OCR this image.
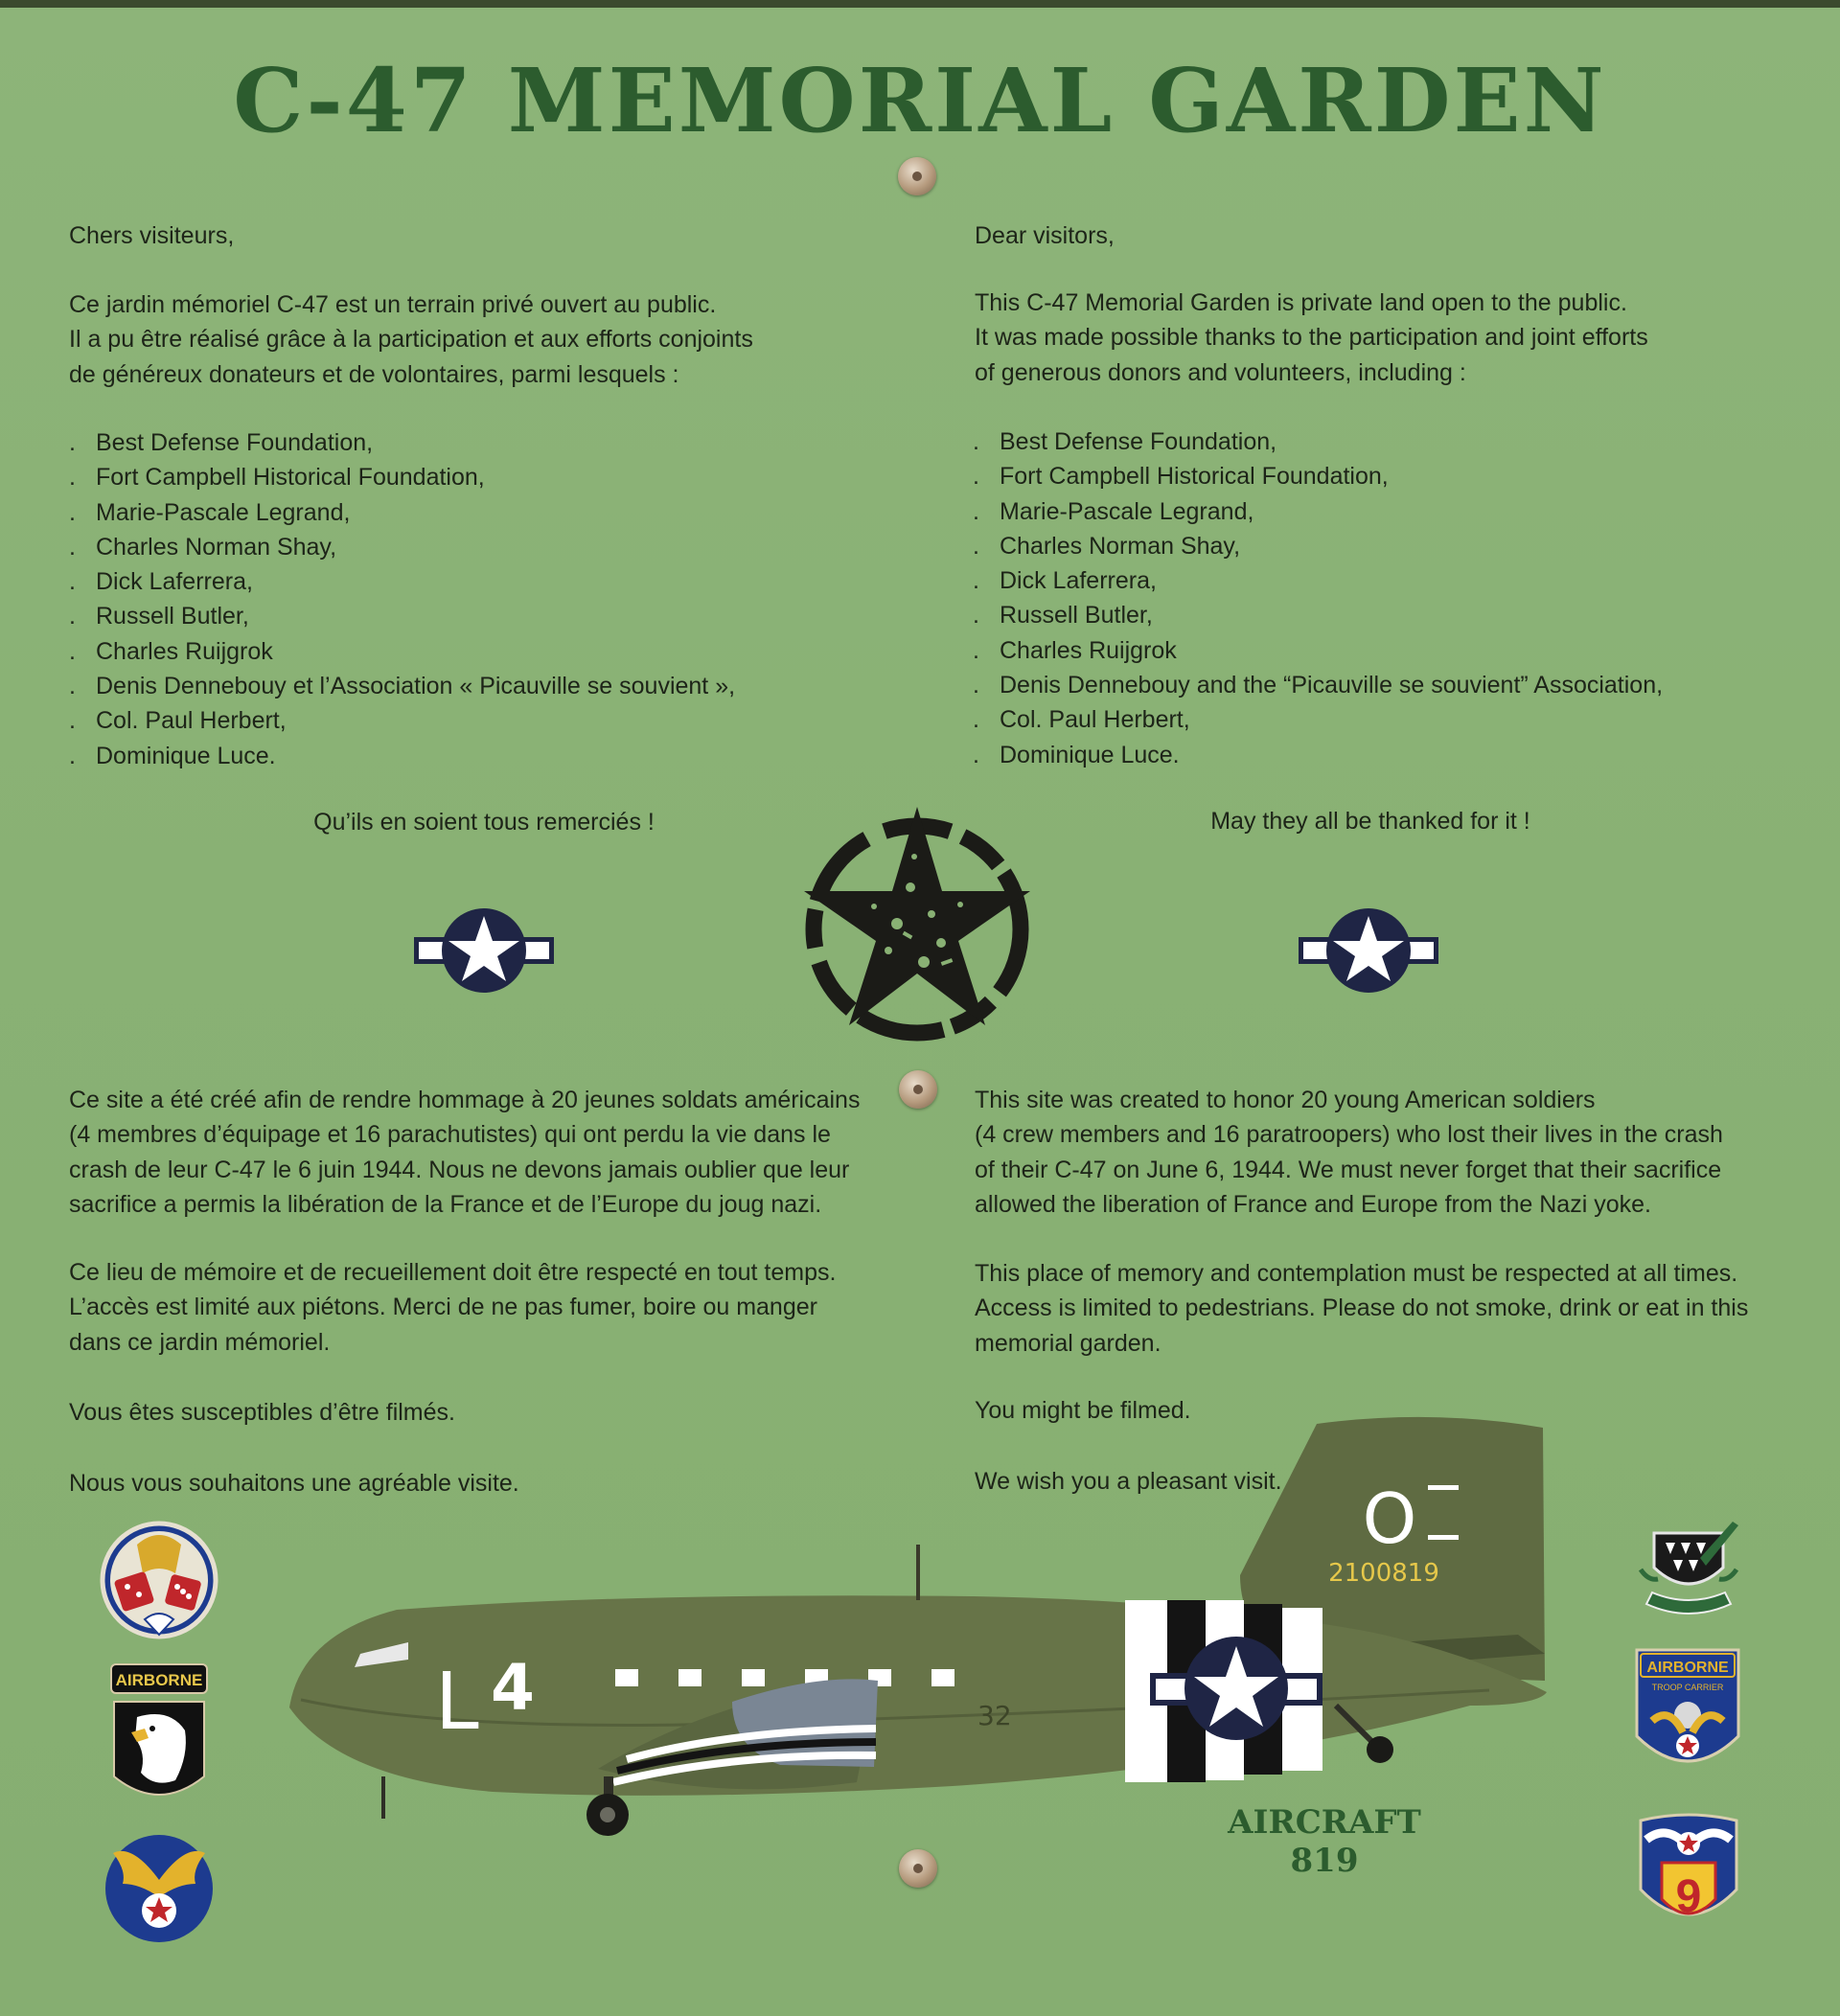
C-47 MEMORIAL GARDEN
Chers visiteurs,
Ce jardin mémoriel C-47 est un terrain privé ouvert au public.
Il a pu être réalisé grâce à la participation et aux efforts conjoints
de généreux donateurs et de volontaires, parmi lesquels :
. Best Defense Foundation,
. Fort Campbell Historical Foundation,
. Marie-Pascale Legrand,
. Charles Norman Shay,
. Dick Laferrera,
. Russell Butler,
. Charles Ruijgrok
. Denis Dennebouy et l’Association « Picauville se souvient »,
. Col. Paul Herbert,
. Dominique Luce.
Qu’ils en soient tous remerciés !
Ce site a été créé afin de rendre hommage à 20 jeunes soldats américains
(4 membres d’équipage et 16 parachutistes) qui ont perdu la vie dans le
crash de leur C-47 le 6 juin 1944. Nous ne devons jamais oublier que leur
sacrifice a permis la libération de la France et de l’Europe du joug nazi.
Ce lieu de mémoire et de recueillement doit être respecté en tout temps.
L’accès est limité aux piétons. Merci de ne pas fumer, boire ou manger
dans ce jardin mémoriel.
Vous êtes susceptibles d’être filmés.
Nous vous souhaitons une agréable visite.
Dear visitors,
This C-47 Memorial Garden is private land open to the public.
It was made possible thanks to the participation and joint efforts
of generous donors and volunteers, including :
. Best Defense Foundation,
. Fort Campbell Historical Foundation,
. Marie-Pascale Legrand,
. Charles Norman Shay,
. Dick Laferrera,
. Russell Butler,
. Charles Ruijgrok
. Denis Dennebouy and the “Picauville se souvient” Association,
. Col. Paul Herbert,
. Dominique Luce.
May they all be thanked for it !
This site was created to honor 20 young American soldiers
(4 crew members and 16 paratroopers) who lost their lives in the crash
of their C-47 on June 6, 1944. We must never forget that their sacrifice
allowed the liberation of France and Europe from the Nazi yoke.
This place of memory and contemplation must be respected at all times.
Access is limited to pedestrians. Please do not smoke, drink or eat in this
memorial garden.
You might be filmed.
We wish you a pleasant visit.
AIRBORNE
AIRBORNE
TROOP CARRIER
9
O
2100819
L 4	32
AIRCRAFT 819
